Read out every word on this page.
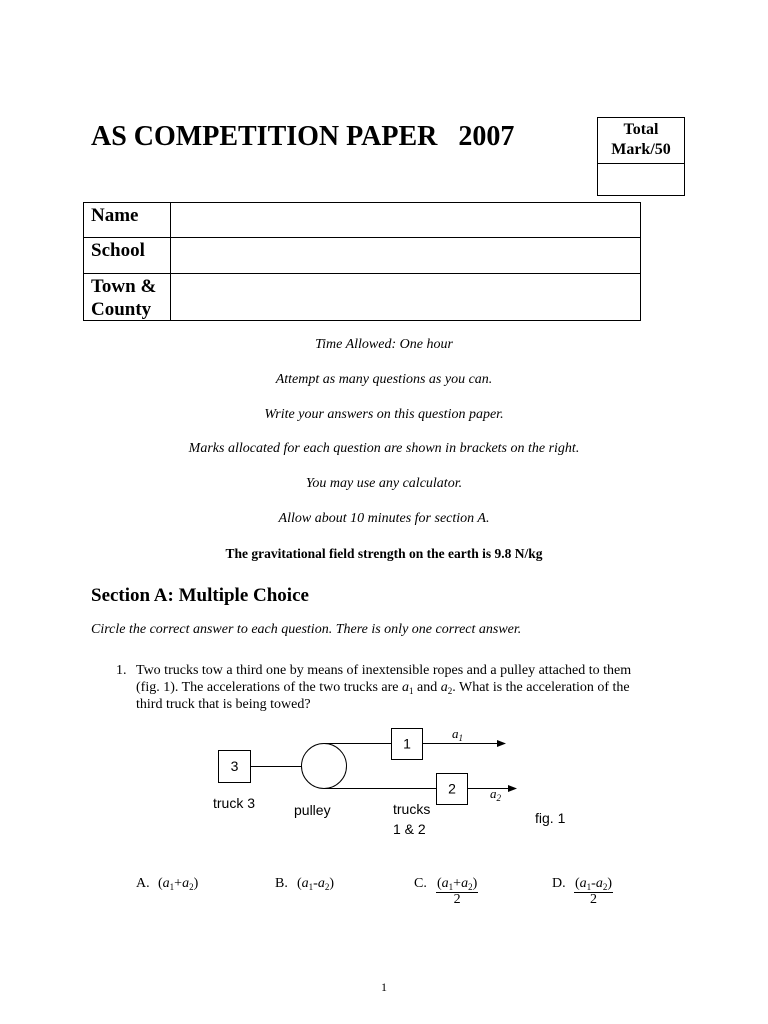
AS COMPETITION PAPER   2007	Total
Mark/50
Name
School
Town &
County
Time Allowed: One hour
Attempt as many questions as you can.
Write your answers on this question paper.
Marks allocated for each question are shown in brackets on the right.
You may use any calculator.
Allow about 10 minutes for section A.
The gravitational field strength on the earth is 9.8 N/kg
Section A: Multiple Choice
Circle the correct answer to each question. There is only one correct answer.
1. Two trucks tow a third one by means of inextensible ropes and a pulley attached to them
(fig. 1). The accelerations of the two trucks are $a_1$ and $a_2$. What is the acceleration of the
third truck that is being towed?
3
1
$a_1$
2	$a_2$
truck 3	pulley	trucks
1 & 2
fig. 1
A. $(a_1+a_2)$	B. $(a_1-a_2)$	C. $\frac{(a_1+a_2)}{2}$	D. $\frac{(a_1-a_2)}{2}$
1
